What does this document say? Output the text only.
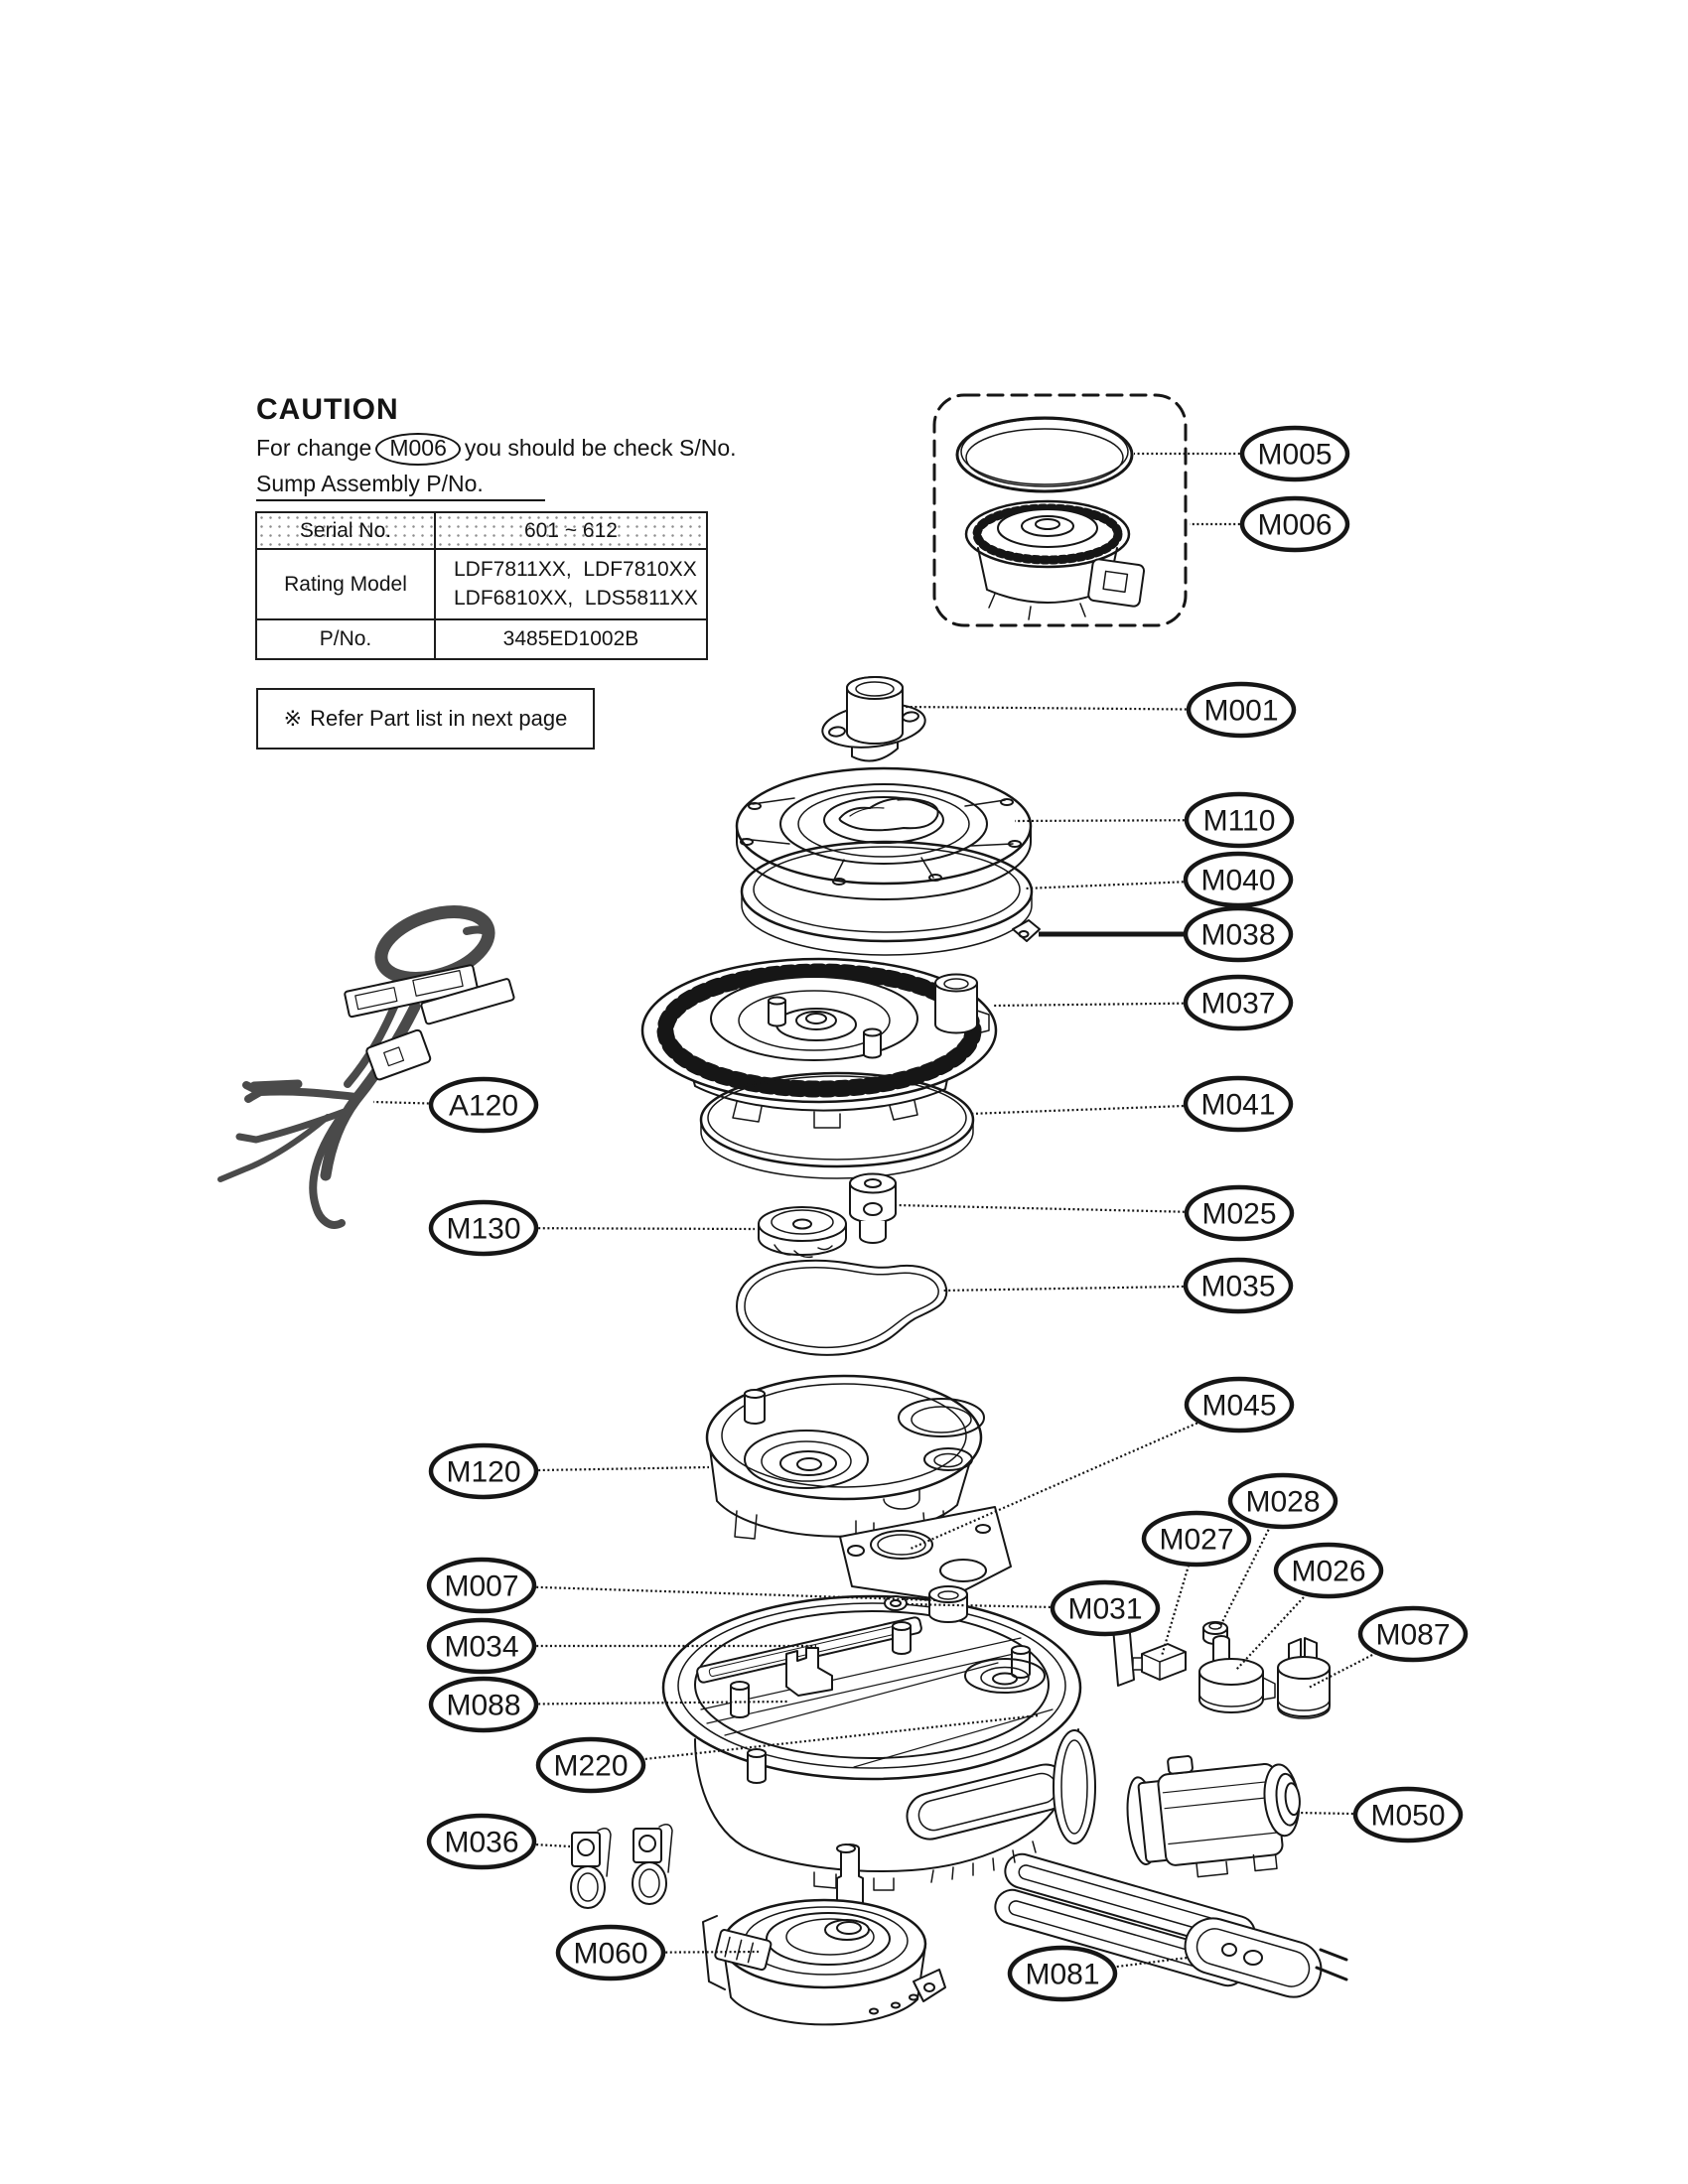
M005
M006
M001
M110
M040
M038
M037
M041
M025
M035
M045
M028
M027
M026
M031
M087
M050
M081
A120
M130
M120
M007
M034
M088
M220
M036
M060
CAUTION
For change M006 you should be check S/No.
Sump Assembly P/No.
Serial No.	601 ~ 612
Rating Model	LDF7811XX,  LDF7810XX
LDF6810XX,  LDS5811XX

P/No.	3485ED1002B
※ Refer Part list in next page
